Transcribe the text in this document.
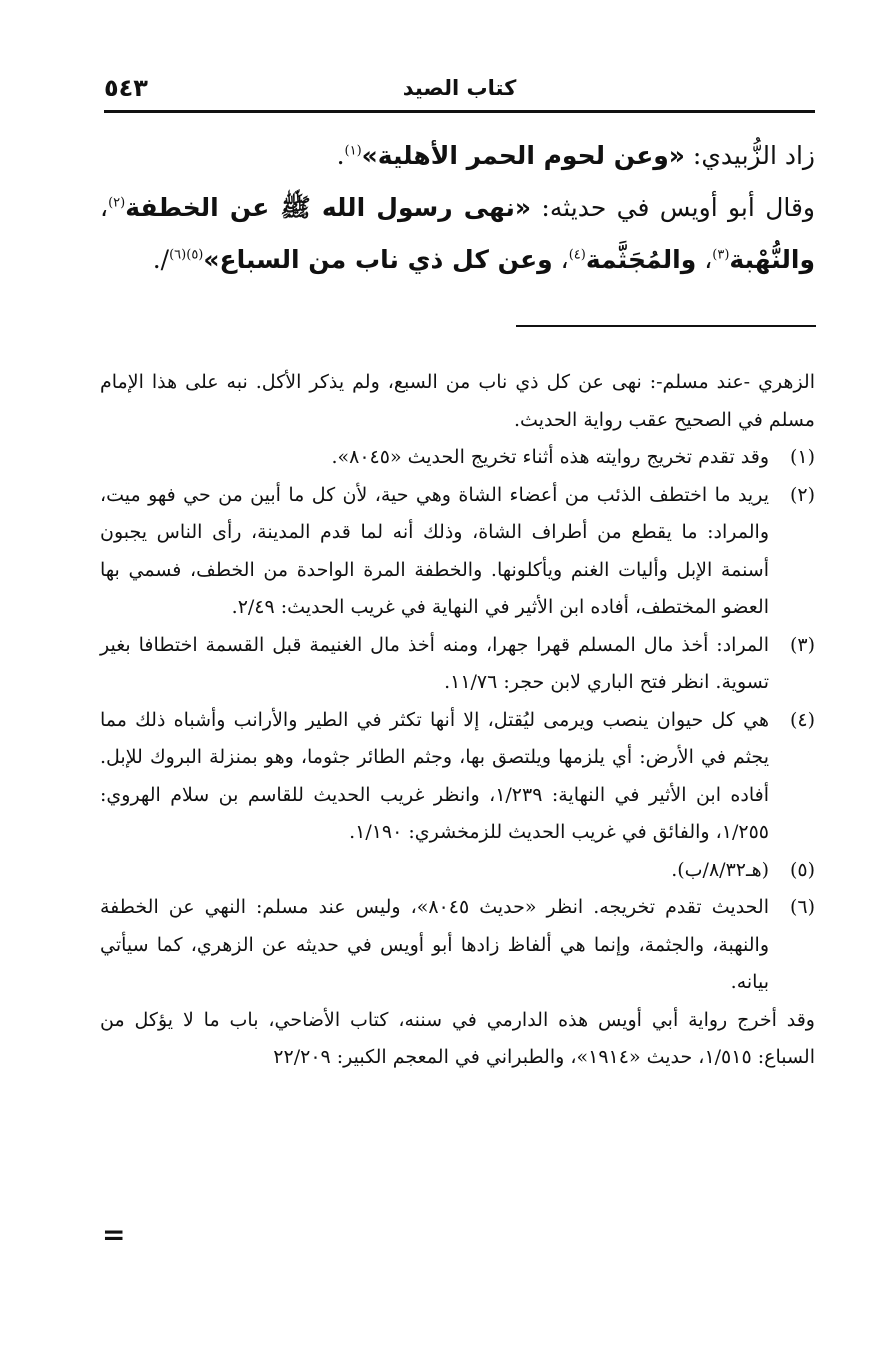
كتاب الصيد
٥٤٣

زاد الزُّبيدي: «وعن لحوم الحمر الأهلية»$^{(١)}$.

وقال أبو أويس في حديثه: «نهى رسول الله ﷺ عن الخطفة$^{(٢)}$، والنُّهْبة$^{(٣)}$، والمُجَثَّمة$^{(٤)}$، وعن كل ذي ناب من السباع»$^{(٥)(٦)}$/.

الزهري -عند مسلم-: نهى عن كل ذي ناب من السبع، ولم يذكر الأكل. نبه على هذا الإمام مسلم في الصحيح عقب رواية الحديث.

(١)
وقد تقدم تخريج روايته هذه أثناء تخريج الحديث «٨٠٤٥».
(٢)
يريد ما اختطف الذئب من أعضاء الشاة وهي حية، لأن كل ما أبين من حي فهو ميت، والمراد: ما يقطع من أطراف الشاة، وذلك أنه لما قدم المدينة، رأى الناس يجبون أسنمة الإبل وأليات الغنم ويأكلونها. والخطفة المرة الواحدة من الخطف، فسمي بها العضو المختطف، أفاده ابن الأثير في النهاية في غريب الحديث: ٢/٤٩.
(٣)
المراد: أخذ مال المسلم قهرا جهرا، ومنه أخذ مال الغنيمة قبل القسمة اختطافا بغير تسوية. انظر فتح الباري لابن حجر: ١١/٧٦.
(٤)
هي كل حيوان ينصب ويرمى ليُقتل، إلا أنها تكثر في الطير والأرانب وأشباه ذلك مما يجثم في الأرض: أي يلزمها ويلتصق بها، وجثم الطائر جثوما، وهو بمنزلة البروك للإبل. أفاده ابن الأثير في النهاية: ١/٢٣٩، وانظر غريب الحديث للقاسم بن سلام الهروي: ١/٢٥٥، والفائق في غريب الحديث للزمخشري: ١/١٩٠.
(٥)
(هـ٨/٣٢/ب).
(٦)
الحديث تقدم تخريجه. انظر «حديث ٨٠٤٥»، وليس عند مسلم: النهي عن الخطفة والنهبة، والجثمة، وإنما هي ألفاظ زادها أبو أويس في حديثه عن الزهري، كما سيأتي بيانه.

وقد أخرج رواية أبي أويس هذه الدارمي في سننه، كتاب الأضاحي، باب ما لا يؤكل من السباع: ١/٥١٥، حديث «١٩١٤»، والطبراني في المعجم الكبير: ٢٢/٢٠٩

=
